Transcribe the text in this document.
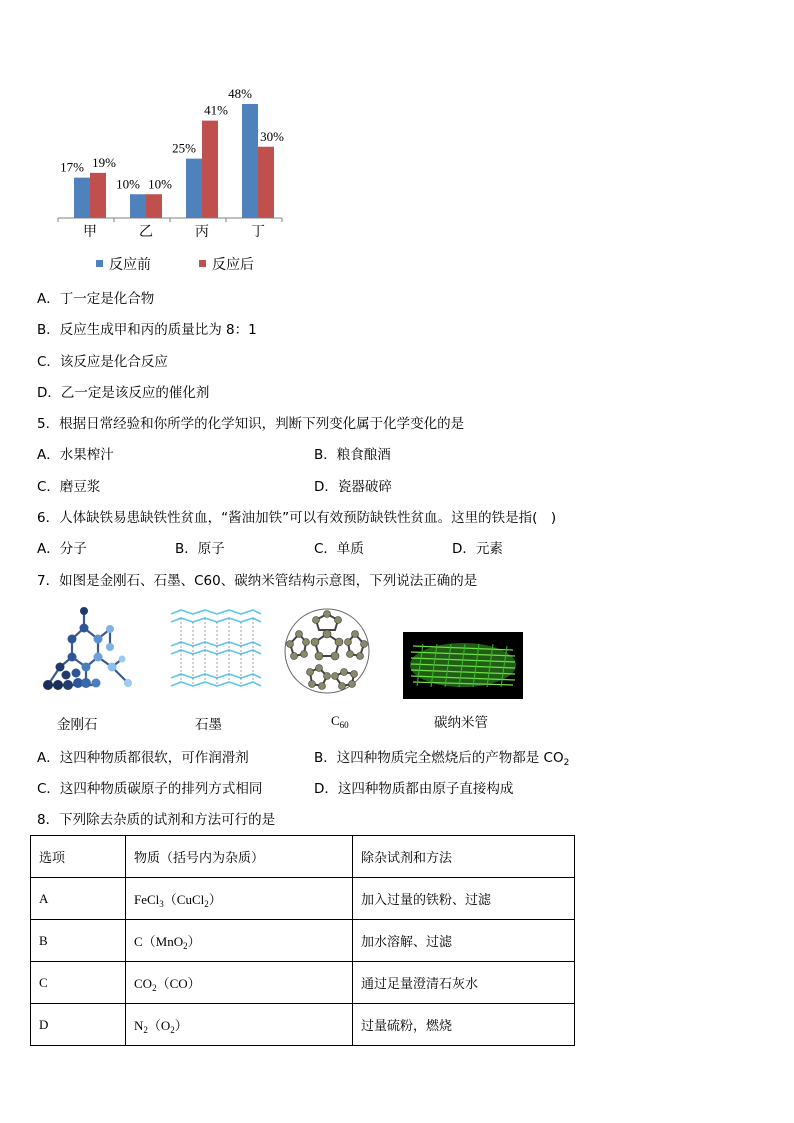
17% 19%
10% 10%
25%
41%
48%
30%
甲	乙	丙	丁
反应前	反应后
A．丁一定是化合物
B．反应生成甲和丙的质量比为 8：1
C．该反应是化合反应
D．乙一定是该反应的催化剂
5．根据日常经验和你所学的化学知识，判断下列变化属于化学变化的是
A．水果榨汁	B．粮食酿酒
C．磨豆浆	D．瓷器破碎
6．人体缺铁易患缺铁性贫血，“酱油加铁”可以有效预防缺铁性贫血。这里的铁是指(　)
A．分子	B．原子	C．单质	D．元素
7．如图是金刚石、石墨、C60、碳纳米管结构示意图，下列说法正确的是
金刚石	石墨	$C_{60}$	碳纳米管
A．这四种物质都很软，可作润滑剂	B．这四种物质完全燃烧后的产物都是 $CO_2$
C．这四种物质碳原子的排列方式相同	D．这四种物质都由原子直接构成
8．下列除去杂质的试剂和方法可行的是
选项	物质（括号内为杂质）	除杂试剂和方法
A	FeCl$_3$（CuCl$_2$）	加入过量的铁粉、过滤
B	C（MnO$_2$）	加水溶解、过滤
C	$CO_2(CO)$	通过足量澄清石灰水
D	$N_2(O_2)$	过量硫粉，燃烧
